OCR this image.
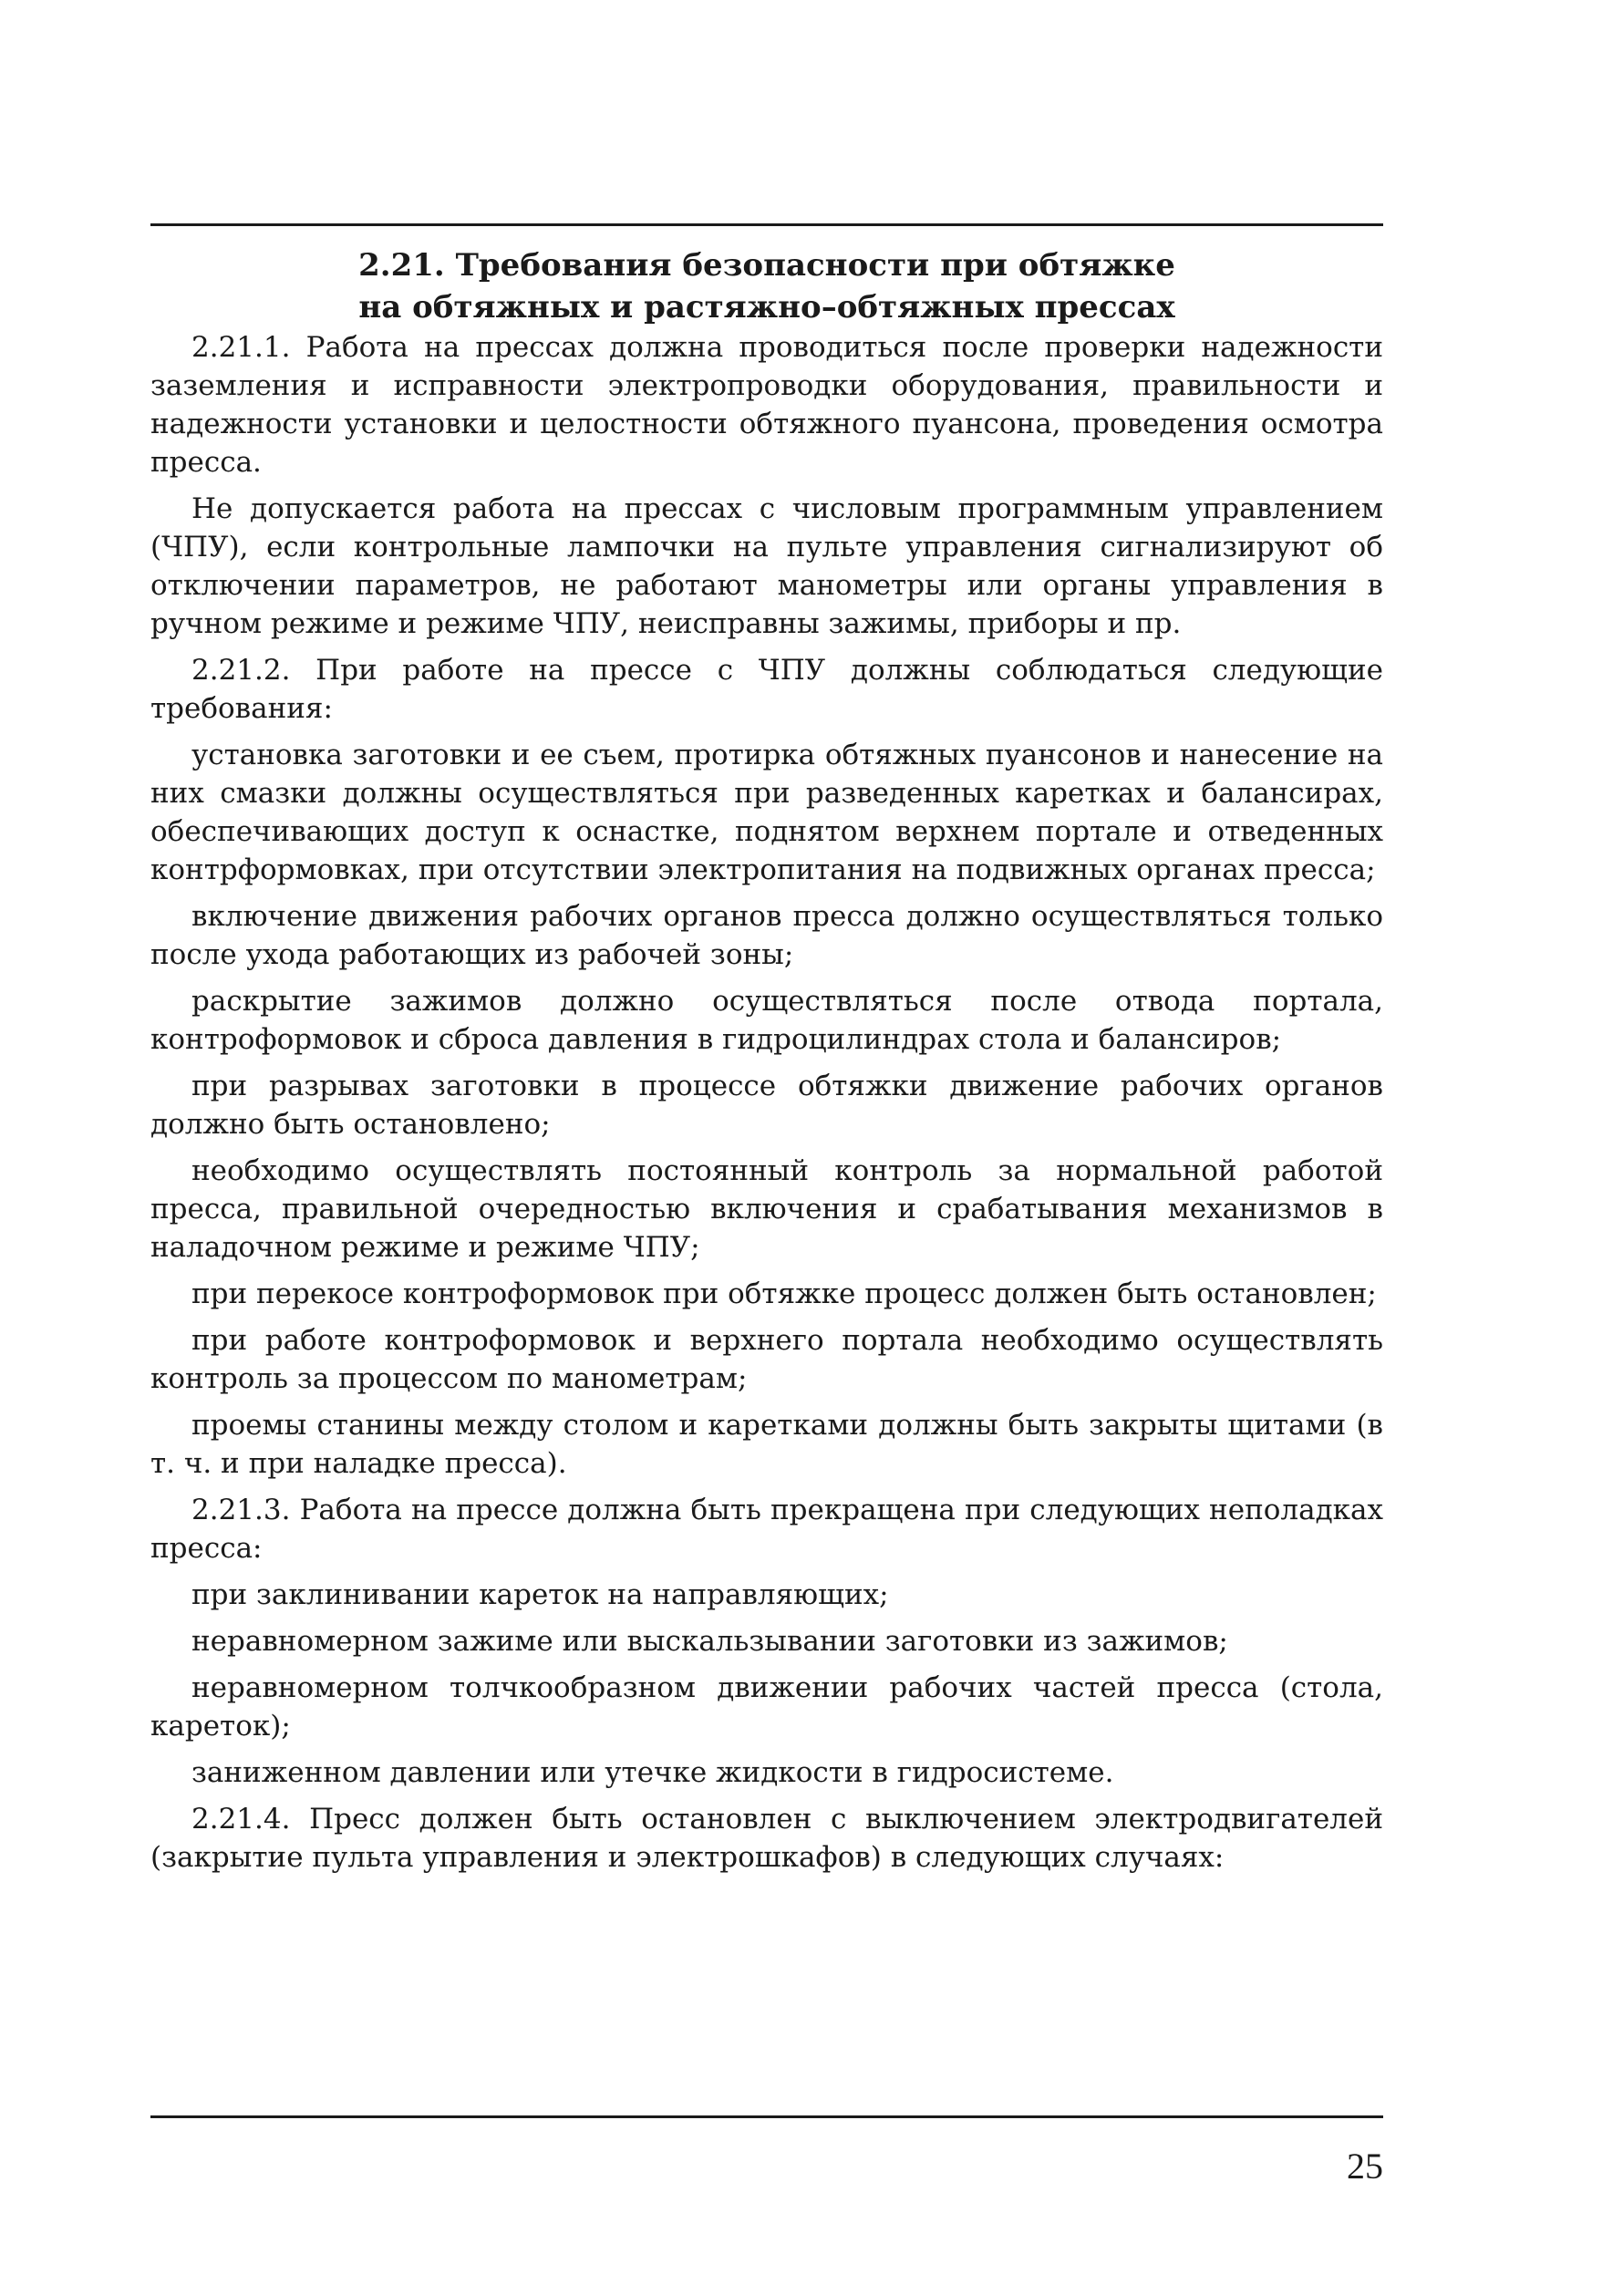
2.21. Требования безопасности при обтяжке
на обтяжных и растяжно–обтяжных прессах

2.21.1. Работа на прессах должна проводиться после проверки надежности заземления и исправности электропроводки оборудования, правильности и надежности установки и целостности обтяжного пуансона, проведения осмотра пресса.

Не допускается работа на прессах с числовым программным управлением (ЧПУ), если контрольные лампочки на пульте управления сигнализируют об отключении параметров, не работают манометры или органы управления в ручном режиме и режиме ЧПУ, неисправны зажимы, приборы и пр.

2.21.2. При работе на прессе с ЧПУ должны соблюдаться следующие требования:

установка заготовки и ее съем, протирка обтяжных пуансонов и нанесение на них смазки должны осуществляться при разведенных каретках и балансирах, обеспечивающих доступ к оснастке, поднятом верхнем портале и отведенных контрформовках, при отсутствии электропитания на подвижных органах пресса;

включение движения рабочих органов пресса должно осуществляться только после ухода работающих из рабочей зоны;

раскрытие зажимов должно осуществляться после отвода портала, контроформовок и сброса давления в гидроцилиндрах стола и балансиров;

при разрывах заготовки в процессе обтяжки движение рабочих органов должно быть остановлено;

необходимо осуществлять постоянный контроль за нормальной работой пресса, правильной очередностью включения и срабатывания механизмов в наладочном режиме и режиме ЧПУ;

при перекосе контроформовок при обтяжке процесс должен быть остановлен;

при работе контроформовок и верхнего портала необходимо осуществлять контроль за процессом по манометрам;

проемы станины между столом и каретками должны быть закрыты щитами (в т. ч. и при наладке пресса).

2.21.3. Работа на прессе должна быть прекращена при следующих неполадках пресса:

при заклинивании кареток на направляющих;

неравномерном зажиме или выскальзывании заготовки из зажимов;

неравномерном толчкообразном движении рабочих частей пресса (стола, кареток);

заниженном давлении или утечке жидкости в гидросистеме.

2.21.4. Пресс должен быть остановлен с выключением электродвигателей (закрытие пульта управления и электрошкафов) в следующих случаях:

25
